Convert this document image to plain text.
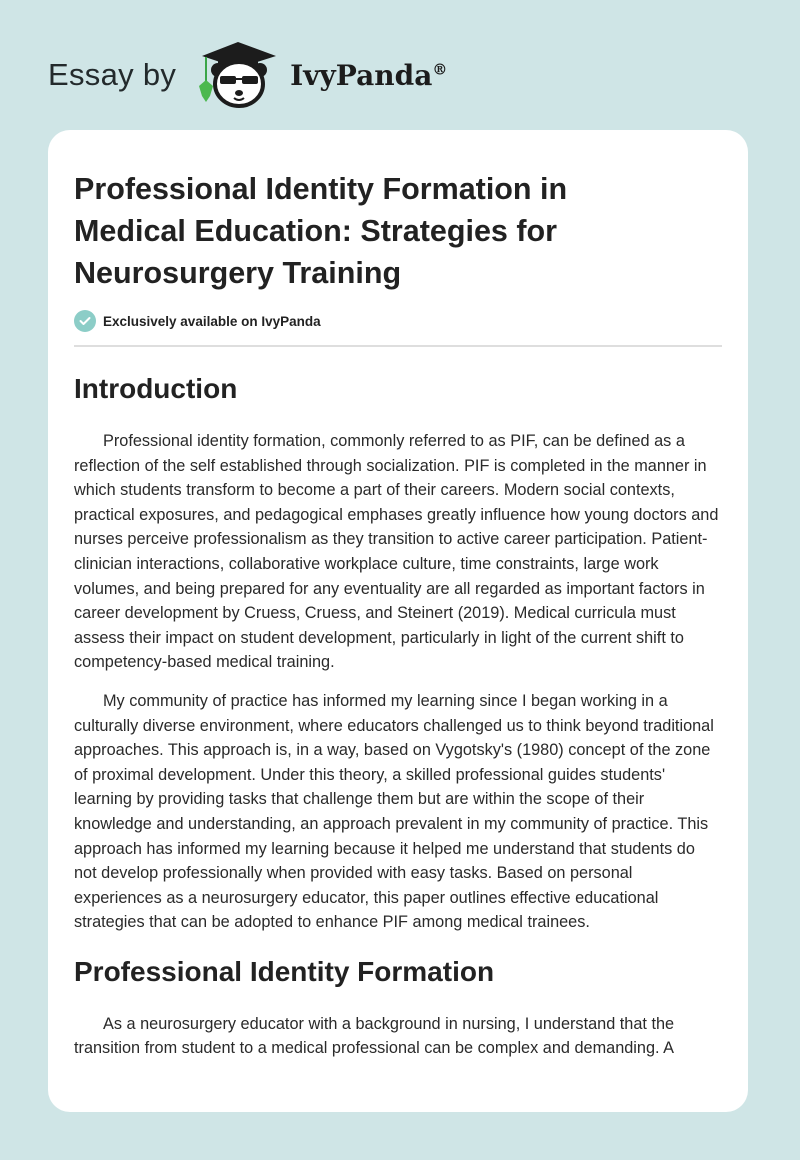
Essay by	IvyPanda®
Professional Identity Formation in Medical Education: Strategies for Neurosurgery Training
Exclusively available on IvyPanda
Introduction

Professional identity formation, commonly referred to as PIF, can be defined as a reflection of the self established through socialization. PIF is completed in the manner in which students transform to become a part of their careers. Modern social contexts, practical exposures, and pedagogical emphases greatly influence how young doctors and nurses perceive professionalism as they transition to active career participation. Patient-clinician interactions, collaborative workplace culture, time constraints, large work volumes, and being prepared for any eventuality are all regarded as important factors in career development by Cruess, Cruess, and Steinert (2019). Medical curricula must assess their impact on student development, particularly in light of the current shift to competency-based medical training.

My community of practice has informed my learning since I began working in a culturally diverse environment, where educators challenged us to think beyond traditional approaches. This approach is, in a way, based on Vygotsky's (1980) concept of the zone of proximal development. Under this theory, a skilled professional guides students' learning by providing tasks that challenge them but are within the scope of their knowledge and understanding, an approach prevalent in my community of practice. This approach has informed my learning because it helped me understand that students do not develop professionally when provided with easy tasks. Based on personal experiences as a neurosurgery educator, this paper outlines effective educational strategies that can be adopted to enhance PIF among medical trainees.

Professional Identity Formation

As a neurosurgery educator with a background in nursing, I understand that the transition from student to a medical professional can be complex and demanding. A
